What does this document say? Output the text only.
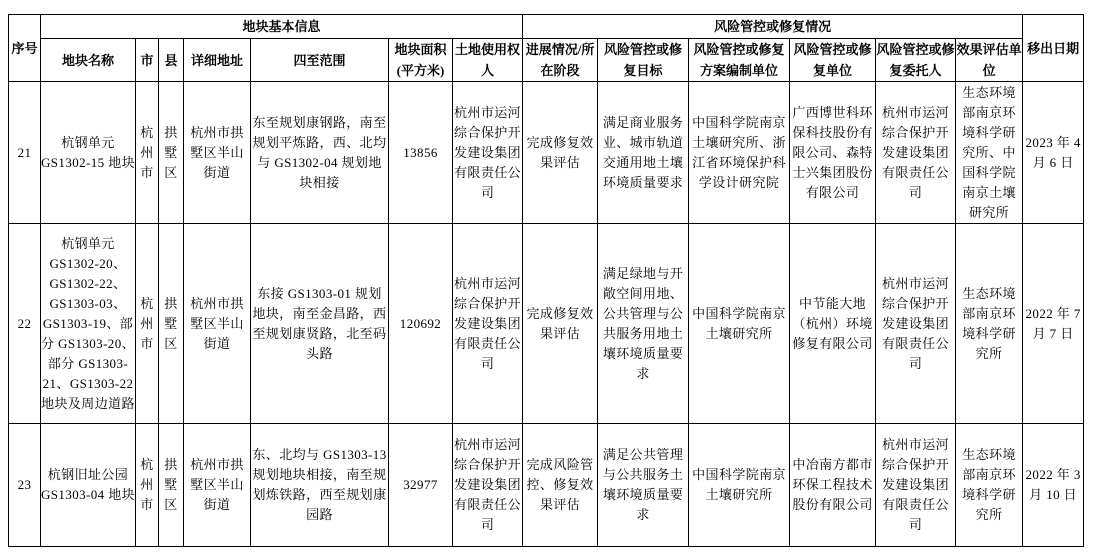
序号	地块基本信息							风险管控或修复情况						移出日期
	地块名称	市	县	详细地址	四至范围	地块面积(平方米)	土地使用权人	进展情况/所在阶段	风险管控或修复目标	风险管控或修复方案编制单位	风险管控或修复单位	风险管控或修复委托人	效果评估单位	
21	杭钢单元 GS1302-15 地块	杭州市	拱墅区	杭州市拱墅区半山街道	东至规划康钢路，南至规划平炼路，西、北均与 GS1302-04 规划地块相接	13856	杭州市运河综合保护开发建设集团有限责任公司	完成修复效果评估	满足商业服务业、城市轨道交通用地土壤环境质量要求	中国科学院南京土壤研究所、浙江省环境保护科学设计研究院	广西博世科环保科技股份有限公司、森特士兴集团股份有限公司	杭州市运河综合保护开发建设集团有限责任公司	生态环境部南京环境科学研究所、中国科学院南京土壤研究所	2023 年 4 月 6 日
22	杭钢单元 GS1302-20、GS1302-22、GS1303-03、GS1303-19、部分 GS1303-20、部分 GS1303-21、GS1303-22 地块及周边道路	杭州市	拱墅区	杭州市拱墅区半山街道	东接 GS1303-01 规划地块，南至金昌路，西至规划康贤路，北至码头路	120692	杭州市运河综合保护开发建设集团有限责任公司	完成修复效果评估	满足绿地与开敞空间用地、公共管理与公共服务用地土壤环境质量要求	中国科学院南京土壤研究所	中节能大地（杭州）环境修复有限公司	杭州市运河综合保护开发建设集团有限责任公司	生态环境部南京环境科学研究所	2022 年 7 月 7 日
23	杭钢旧址公园 GS1303-04 地块	杭州市	拱墅区	杭州市拱墅区半山街道	东、北均与 GS1303-13 规划地块相接，南至规划炼铁路，西至规划康园路	32977	杭州市运河综合保护开发建设集团有限责任公司	完成风险管控、修复效果评估	满足公共管理与公共服务土壤环境质量要求	中国科学院南京土壤研究所	中冶南方都市环保工程技术股份有限公司	杭州市运河综合保护开发建设集团有限责任公司	生态环境部南京环境科学研究所	2022 年 3 月 10 日
